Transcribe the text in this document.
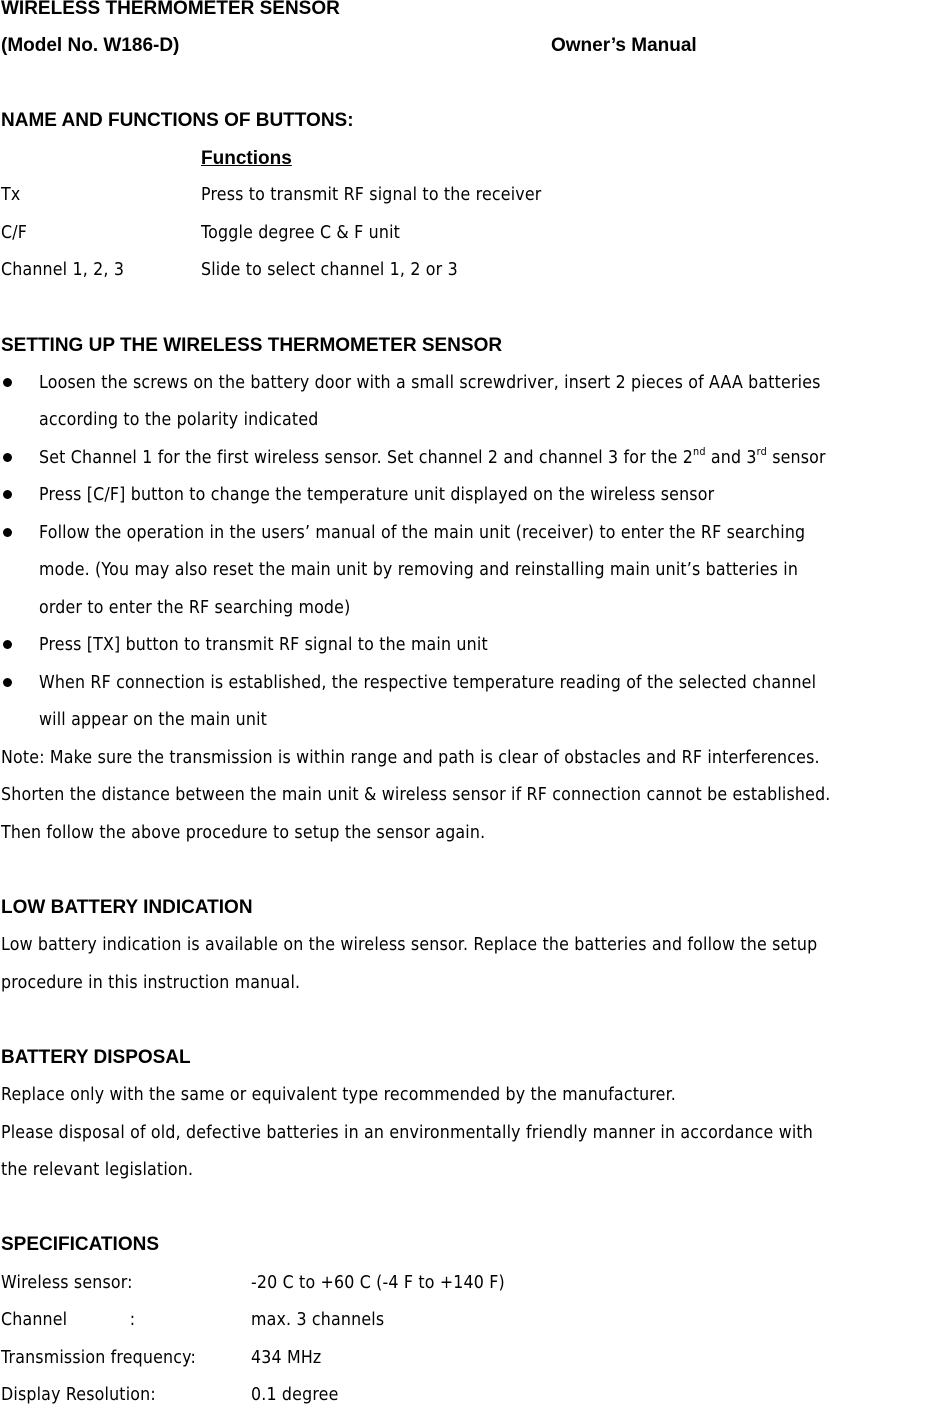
WIRELESS THERMOMETER SENSOR
(Model No. W186-D)	Owner’s Manual
NAME AND FUNCTIONS OF BUTTONS:
Functions
Tx	Press to transmit RF signal to the receiver
C/F	Toggle degree C & F unit
Channel 1, 2, 3	Slide to select channel 1, 2 or 3
SETTING UP THE WIRELESS THERMOMETER SENSOR
Loosen the screws on the battery door with a small screwdriver, insert 2 pieces of AAA batteries
according to the polarity indicated
Set Channel 1 for the first wireless sensor. Set channel 2 and channel 3 for the 2nd and 3rd sensor
Press [C/F] button to change the temperature unit displayed on the wireless sensor
Follow the operation in the users’ manual of the main unit (receiver) to enter the RF searching
mode. (You may also reset the main unit by removing and reinstalling main unit’s batteries in
order to enter the RF searching mode)
Press [TX] button to transmit RF signal to the main unit
When RF connection is established, the respective temperature reading of the selected channel
will appear on the main unit
Note: Make sure the transmission is within range and path is clear of obstacles and RF interferences.
Shorten the distance between the main unit & wireless sensor if RF connection cannot be established.
Then follow the above procedure to setup the sensor again.
LOW BATTERY INDICATION
Low battery indication is available on the wireless sensor. Replace the batteries and follow the setup
procedure in this instruction manual.
BATTERY DISPOSAL
Replace only with the same or equivalent type recommended by the manufacturer.
Please disposal of old, defective batteries in an environmentally friendly manner in accordance with
the relevant legislation.
SPECIFICATIONS
Wireless sensor:	-20 C to +60 C (-4 F to +140 F)
Channel            :	max. 3 channels
Transmission frequency:	434 MHz
Display Resolution:	0.1 degree
